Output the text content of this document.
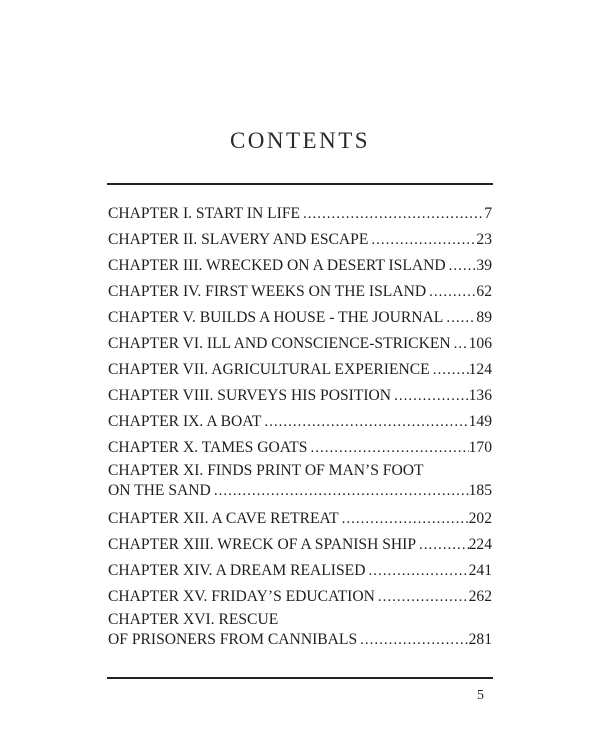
CONTENTS
CHAPTER I. START IN LIFE .....	7
CHAPTER II. SLAVERY AND ESCAPE .....	23
CHAPTER III. WRECKED ON A DESERT ISLAND ..... 39
CHAPTER IV. FIRST WEEKS ON THE ISLAND .....	62
CHAPTER V. BUILDS A HOUSE - THE JOURNAL ..... 89
CHAPTER VI. ILL AND CONSCIENCE-STRICKEN ..... 106
CHAPTER VII. AGRICULTURAL EXPERIENCE ..... 124
CHAPTER VIII. SURVEYS HIS POSITION .....	136
CHAPTER IX. A BOAT .....	149
CHAPTER X. TAMES GOATS .....	170
CHAPTER XI. FINDS PRINT OF MAN’S FOOT
ON THE SAND .....	185
CHAPTER XII. A CAVE RETREAT .....	202
CHAPTER XIII. WRECK OF A SPANISH SHIP .....	224
CHAPTER XIV. A DREAM REALISED .....	241
CHAPTER XV. FRIDAY’S EDUCATION .....	262
CHAPTER XVI. RESCUE
OF PRISONERS FROM CANNIBALS .....	281
5
